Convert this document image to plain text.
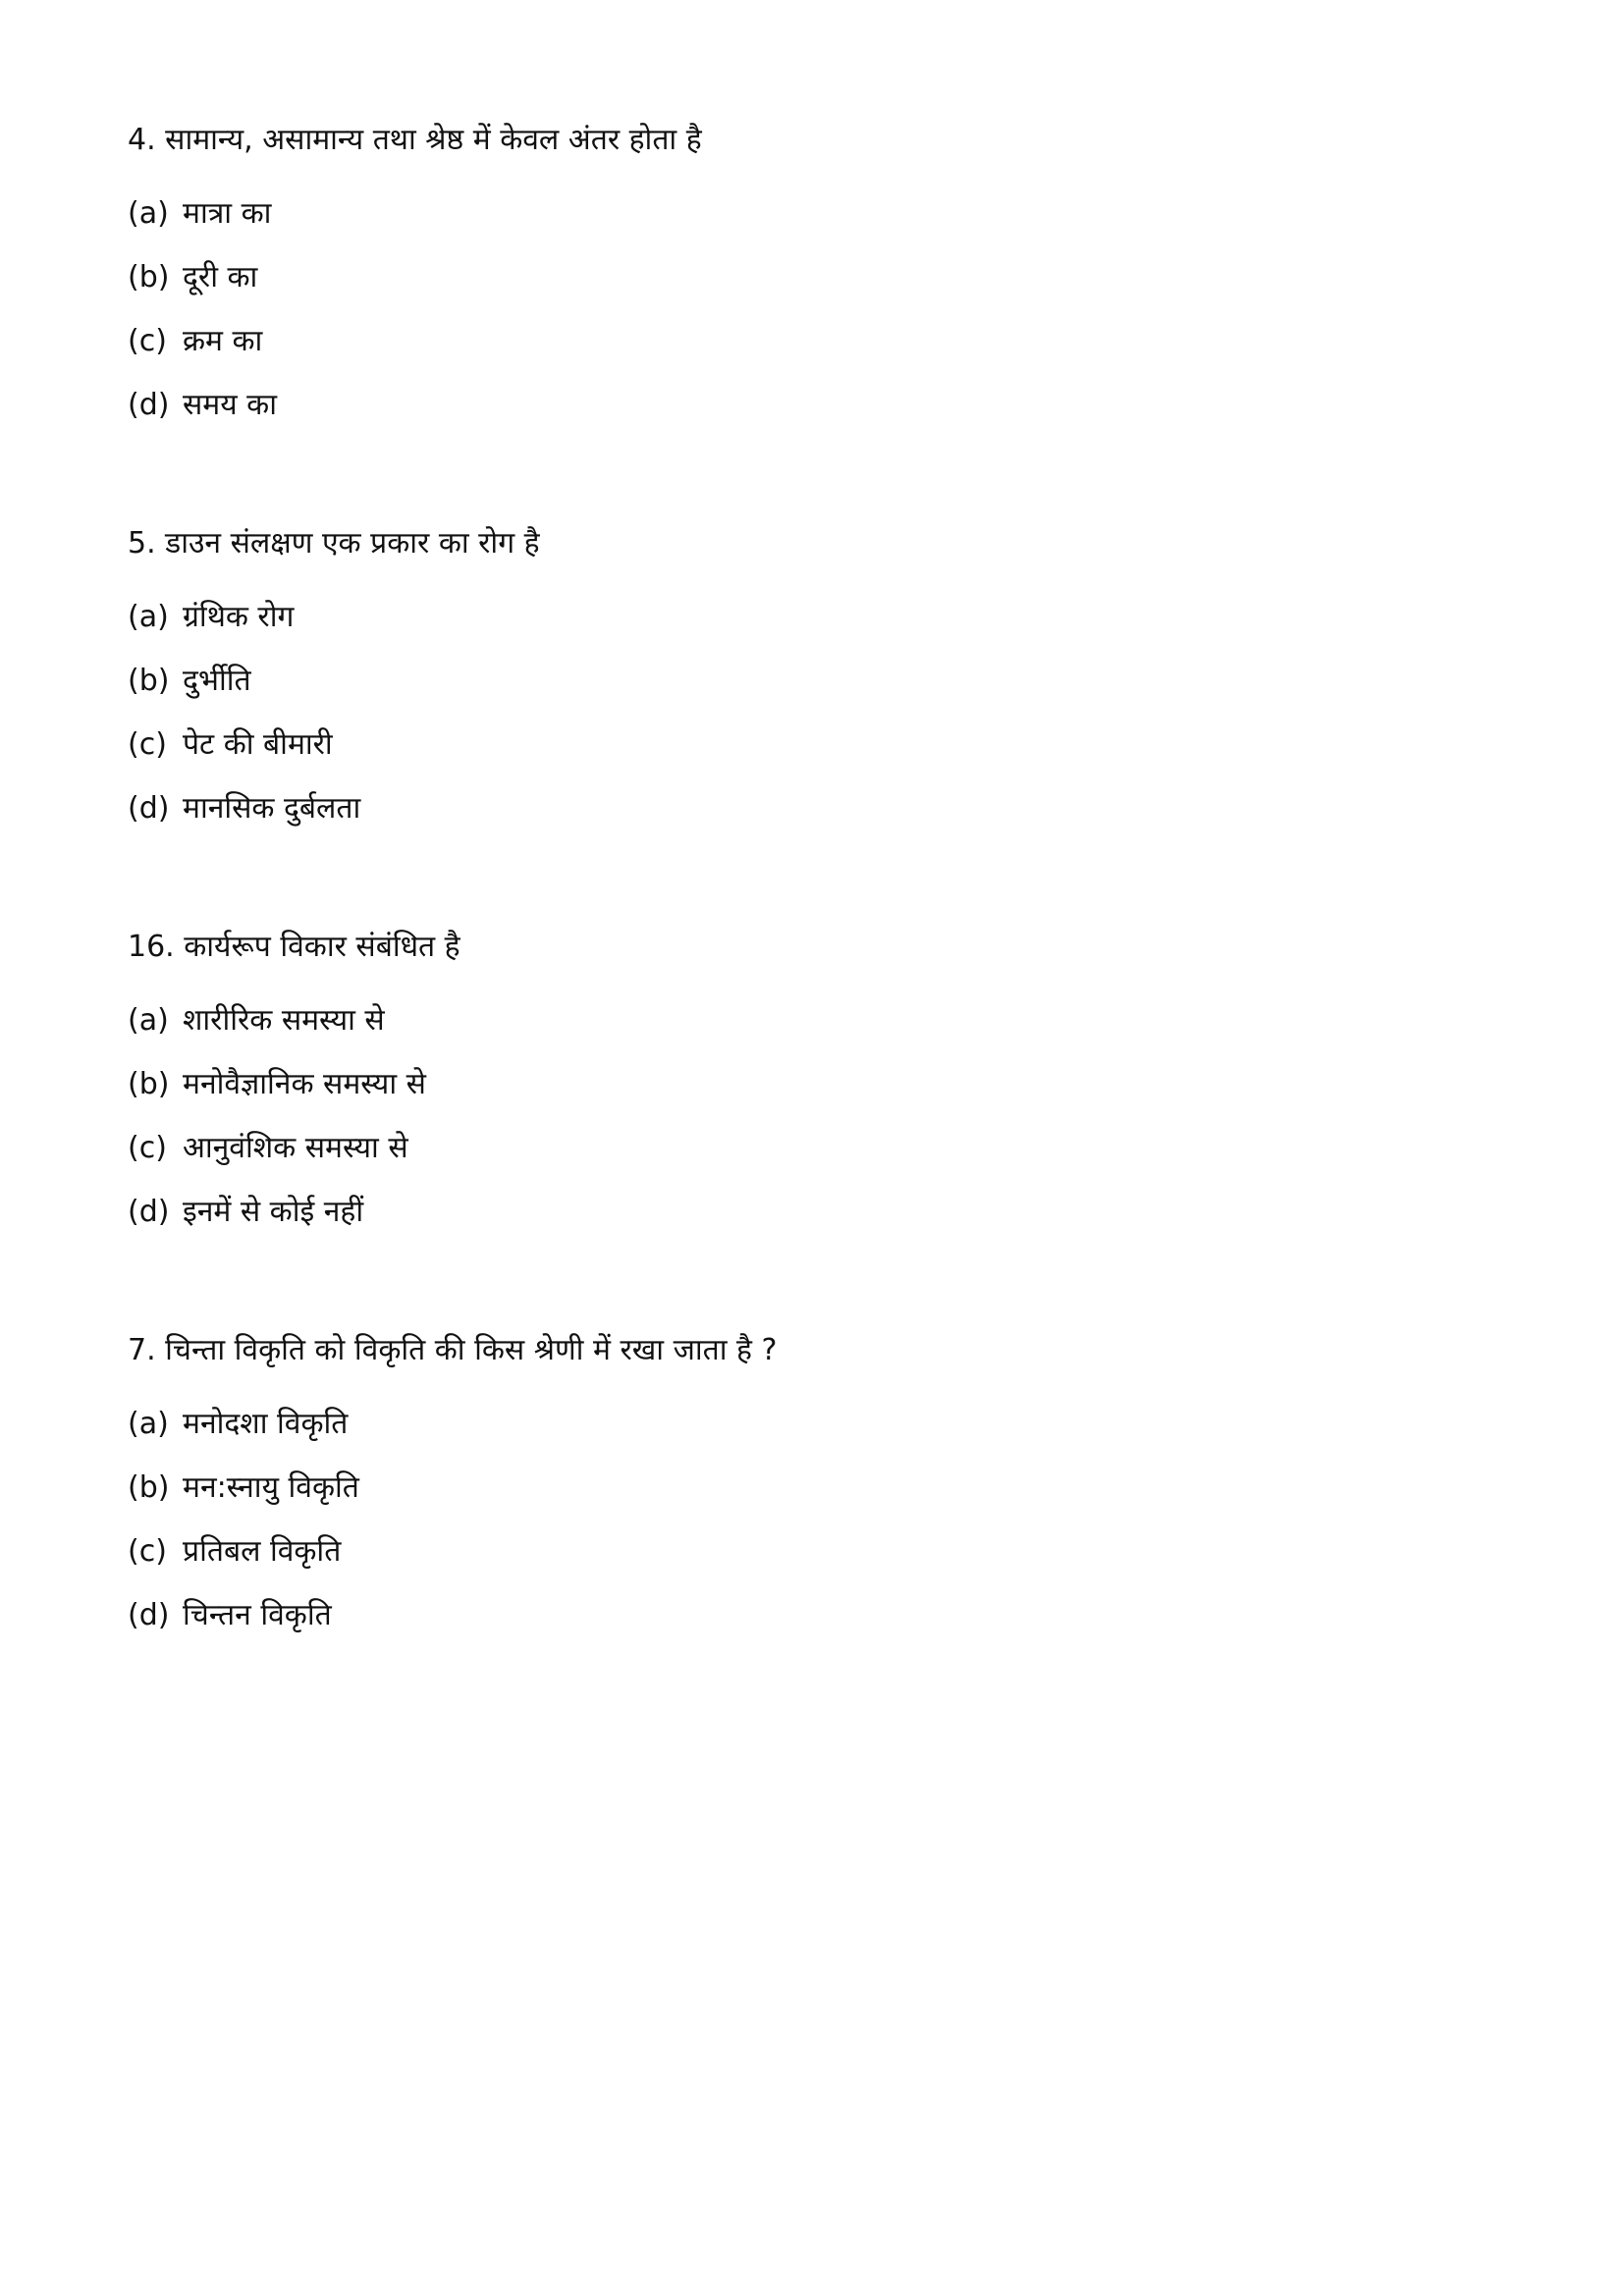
4. सामान्य, असामान्य तथा श्रेष्ठ में केवल अंतर होता है
(a) मात्रा का
(b) दूरी का
(c) क्रम का
(d) समय का
5. डाउन संलक्षण एक प्रकार का रोग है
(a) ग्रंथिक रोग
(b) दुर्भीति
(c) पेट की बीमारी
(d) मानसिक दुर्बलता
16. कार्यरूप विकार संबंधित है
(a) शारीरिक समस्या से
(b) मनोवैज्ञानिक समस्या से
(c) आनुवंशिक समस्या से
(d) इनमें से कोई नहीं
7. चिन्ता विकृति को विकृति की किस श्रेणी में रखा जाता है ?
(a) मनोदशा विकृति
(b) मन:स्नायु विकृति
(c) प्रतिबल विकृति
(d) चिन्तन विकृति
